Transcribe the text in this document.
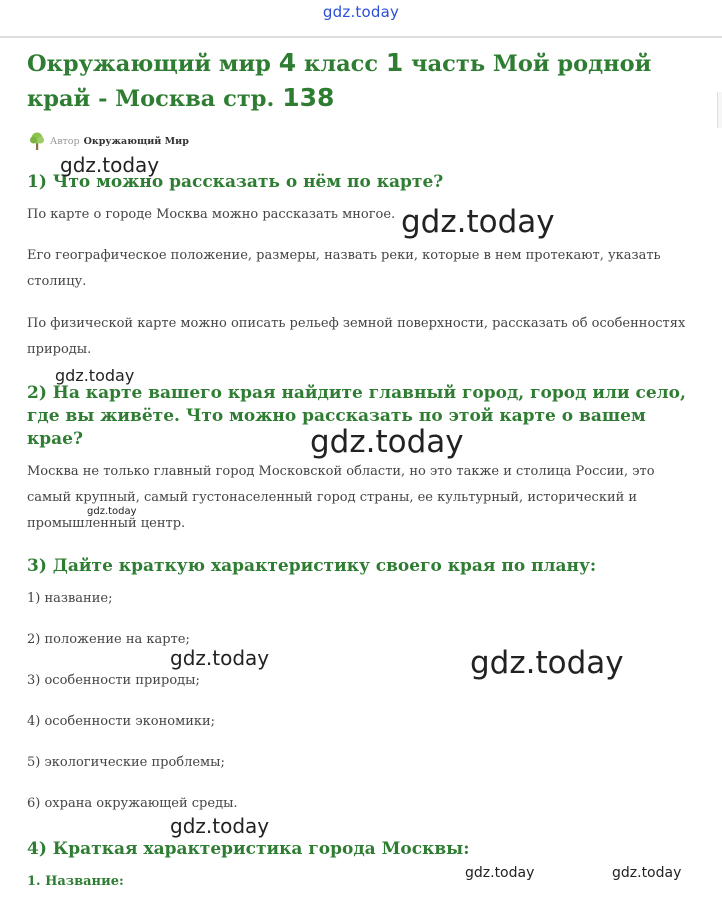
gdz.today
Окружающий мир 4 класс 1 часть Мой родной край - Москва стр. 138
Автор Окружающий Мир
1) Что можно рассказать о нём по карте?

По карте о городе Москва можно рассказать многое.

Его географическое положение, размеры, назвать реки, которые в нем протекают, указать столицу.

По физической карте можно описать рельеф земной поверхности, рассказать об особенностях природы.

2) На карте вашего края найдите главный город, город или село, где вы живёте. Что можно рассказать по этой карте о вашем крае?

Москва не только главный город Московской области, но это также и столица России, это самый крупный, самый густонаселенный город страны, ее культурный, исторический и промышленный центр.

3) Дайте краткую характеристику своего края по плану:

1) название;

2) положение на карте;

3) особенности природы;

4) особенности экономики;

5) экологические проблемы;

6) охрана окружающей среды.

4) Краткая характеристика города Москвы:
1. Название:
gdz.today
gdz.today
gdz.today
gdz.today
gdz.today
gdz.today	gdz.today
gdz.today
gdz.today	gdz.today
